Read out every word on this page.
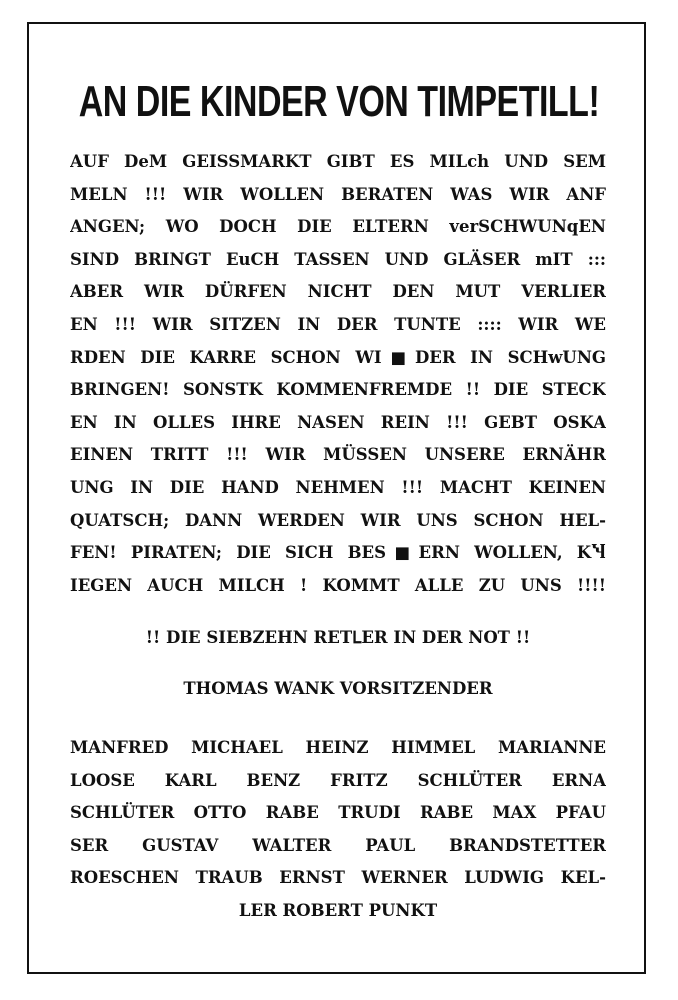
AN DIE KINDER VON TIMPETILL!
AUF DeM GEISSMARKT GIBT ES MILch UND SEM
MELN !!! WIR WOLLEN BERATEN WAS WIR ANF
ANGEN; WO DOCH DIE ELTERN verSCHWUNqEN
SIND BRINGT EuCH TASSEN UND GLÄSER mIT :::
ABER WIR DÜRFEN NICHT DEN MUT VERLIER
EN !!! WIR SITZEN IN DER TUNTE :::: WIR WE
RDEN DIE KARRE SCHON WI■DER IN SCHwUNG
BRINGEN! SONSTK KOMMENFREMDE !! DIE STECK
EN IN OLLES IHRE NASEN REIN !!! GEBT OSKA
EINEN TRITT !!! WIR MÜSSEN UNSERE ERNÄHR
UNG IN DIE HAND NEHMEN !!! MACHT KEINEN
QUATSCH; DANN WERDEN WIR UNS SCHON HEL-
FEN! PIRATEN; DIE SICH BES■ERN WOLLEN, KႯ
IEGEN AUCH MILCH ! KOMMT ALLE ZU UNS !!!!
!! DIE SIEBZEHN RETᒪER IN DER NOT !!
THOMAS WANK VORSITZENDER
MANFRED MICHAEL HEINZ HIMMEL MARIANNE
LOOSE KARL BENZ FRITZ SCHLÜTER ERNA
SCHLÜTER OTTO RABE TRUDI RABE MAX PFAU
SER GUSTAV WALTER PAUL BRANDSTETTER
ROESCHEN TRAUB ERNST WERNER LUDWIG KEL-
LER ROBERT PUNKT
